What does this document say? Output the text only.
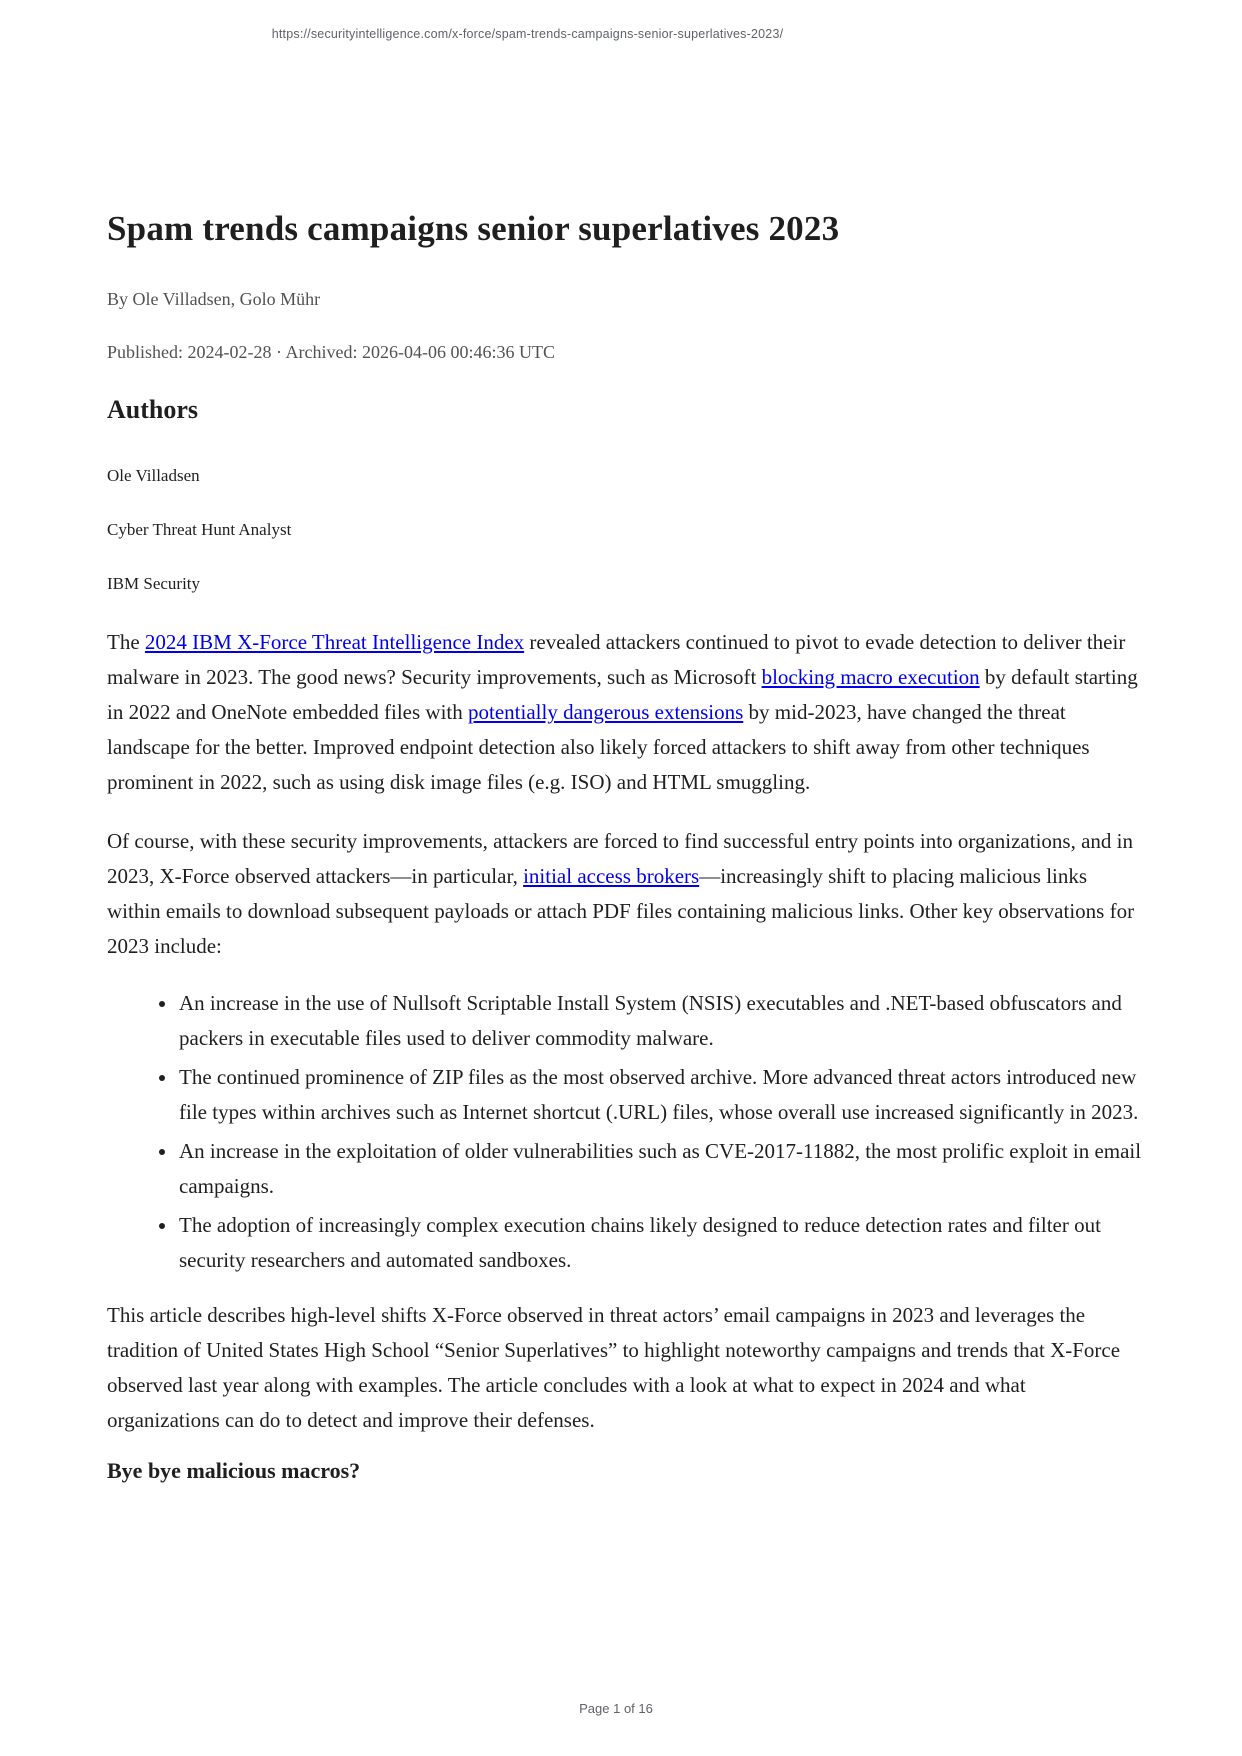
https://securityintelligence.com/x-force/spam-trends-campaigns-senior-superlatives-2023/
Spam trends campaigns senior superlatives 2023

By Ole Villadsen, Golo Mühr

Published: 2024-02-28 · Archived: 2026-04-06 00:46:36 UTC

Authors

Ole Villadsen

Cyber Threat Hunt Analyst

IBM Security

The 2024 IBM X-Force Threat Intelligence Index revealed attackers continued to pivot to evade detection to deliver their malware in 2023. The good news? Security improvements, such as Microsoft blocking macro execution by default starting in 2022 and OneNote embedded files with potentially dangerous extensions by mid-2023, have changed the threat landscape for the better. Improved endpoint detection also likely forced attackers to shift away from other techniques prominent in 2022, such as using disk image files (e.g. ISO) and HTML smuggling.

Of course, with these security improvements, attackers are forced to find successful entry points into organizations, and in 2023, X-Force observed attackers—in particular, initial access brokers—increasingly shift to placing malicious links within emails to download subsequent payloads or attach PDF files containing malicious links. Other key observations for 2023 include:

• An increase in the use of Nullsoft Scriptable Install System (NSIS) executables and .NET-based obfuscators and packers in executable files used to deliver commodity malware.
• The continued prominence of ZIP files as the most observed archive. More advanced threat actors introduced new file types within archives such as Internet shortcut (.URL) files, whose overall use increased significantly in 2023.
• An increase in the exploitation of older vulnerabilities such as CVE-2017-11882, the most prolific exploit in email campaigns.
• The adoption of increasingly complex execution chains likely designed to reduce detection rates and filter out security researchers and automated sandboxes.

This article describes high-level shifts X-Force observed in threat actors’ email campaigns in 2023 and leverages the tradition of United States High School “Senior Superlatives” to highlight noteworthy campaigns and trends that X-Force observed last year along with examples. The article concludes with a look at what to expect in 2024 and what organizations can do to detect and improve their defenses.

Bye bye malicious macros?
Page 1 of 16
